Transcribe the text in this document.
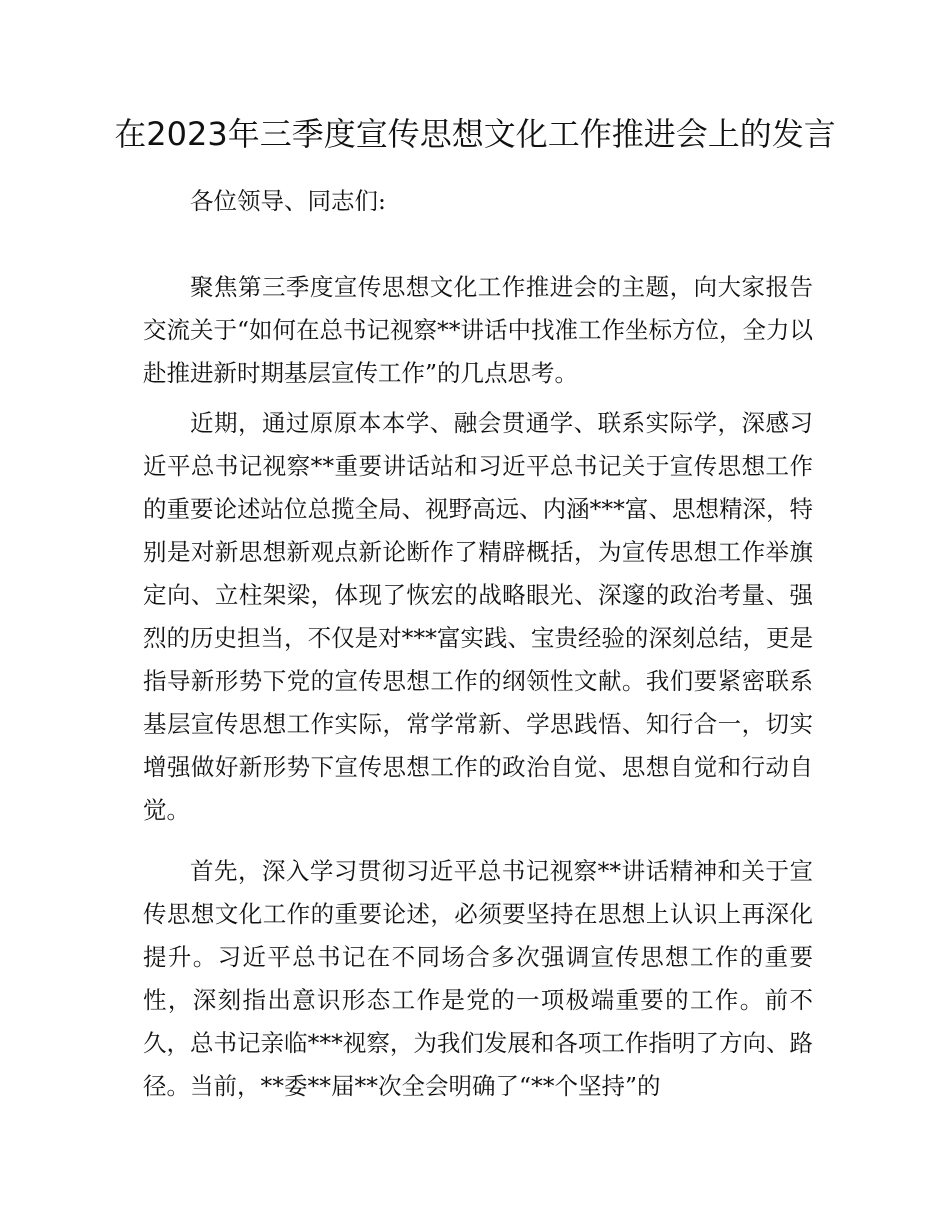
在2023年三季度宣传思想文化工作推进会上的发言

各位领导、同志们:

聚焦第三季度宣传思想文化工作推进会的主题，向大家报告交流关于“如何在总书记视察**讲话中找准工作坐标方位，全力以赴推进新时期基层宣传工作”的几点思考。

近期，通过原原本本学、融会贯通学、联系实际学，深感习近平总书记视察**重要讲话站和习近平总书记关于宣传思想工作的重要论述站位总揽全局、视野高远、内涵***富、思想精深，特别是对新思想新观点新论断作了精辟概括，为宣传思想工作举旗定向、立柱架梁，体现了恢宏的战略眼光、深邃的政治考量、强烈的历史担当，不仅是对***富实践、宝贵经验的深刻总结，更是指导新形势下党的宣传思想工作的纲领性文献。我们要紧密联系基层宣传思想工作实际，常学常新、学思践悟、知行合一，切实增强做好新形势下宣传思想工作的政治自觉、思想自觉和行动自觉。

首先，深入学习贯彻习近平总书记视察**讲话精神和关于宣传思想文化工作的重要论述，必须要坚持在思想上认识上再深化提升。习近平总书记在不同场合多次强调宣传思想工作的重要性，深刻指出意识形态工作是党的一项极端重要的工作。前不久，总书记亲临***视察，为我们发展和各项工作指明了方向、路径。当前，**委**届**次全会明确了“**个坚持”的
